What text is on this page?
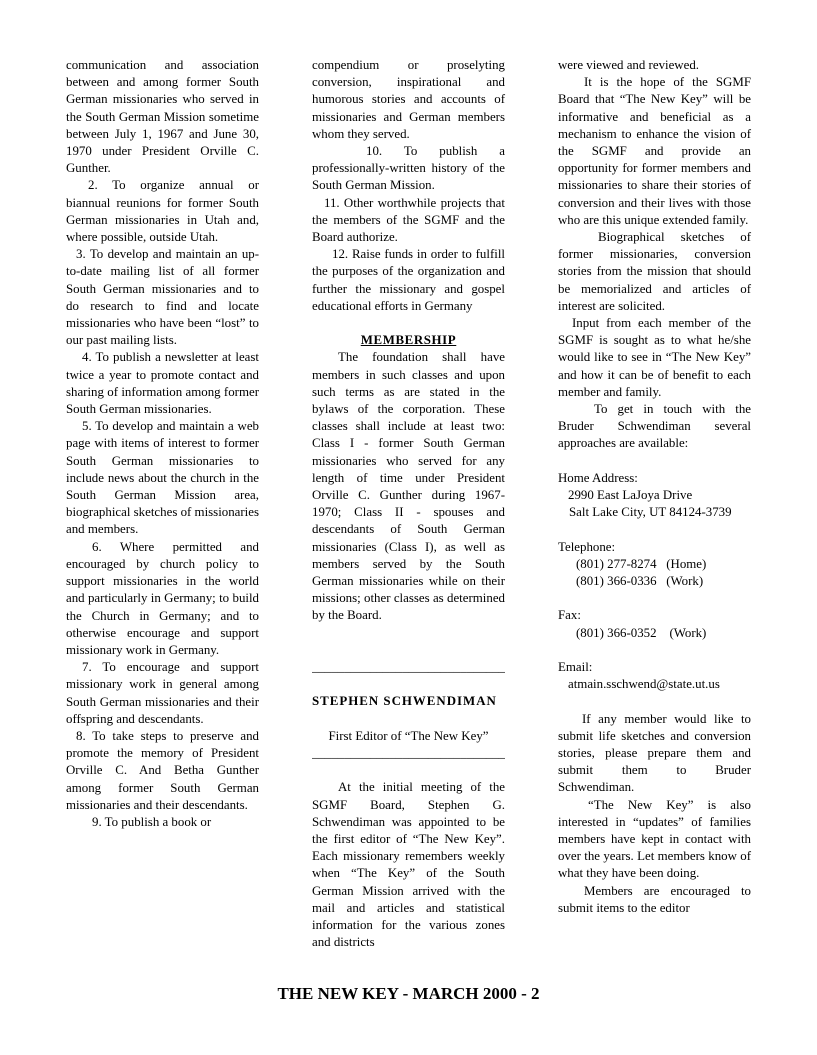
communication and association between and among former South German missionaries who served in the South German Mission sometime between July 1, 1967 and June 30, 1970 under President Orville C. Gunther.

2. To organize annual or biannual reunions for former South German missionaries in Utah and, where possible, outside Utah.

3. To develop and maintain an up-to-date mailing list of all former South German missionaries and to do research to find and locate missionaries who have been “lost” to our past mailing lists.

4. To publish a newsletter at least twice a year to promote contact and sharing of information among former South German missionaries.

5. To develop and maintain a web page with items of interest to former South German missionaries to include news about the church in the South German Mission area, biographical sketches of missionaries and members.

6. Where permitted and encouraged by church policy to support missionaries in the world and particularly in Germany; to build the Church in Germany; and to otherwise encourage and support missionary work in Germany.

7. To encourage and support missionary work in general among South German missionaries and their offspring and descendants.

8. To take steps to preserve and promote the memory of President Orville C. And Betha Gunther among former South German missionaries and their descendants.

9. To publish a book or

compendium or proselyting conversion, inspirational and humorous stories and accounts of missionaries and German members whom they served.

10. To publish a professionally-written history of the South German Mission.

11. Other worthwhile projects that the members of the SGMF and the Board authorize.

12. Raise funds in order to fulfill the purposes of the organization and further the missionary and gospel educational efforts in Germany

MEMBERSHIP

The foundation shall have members in such classes and upon such terms as are stated in the bylaws of the corporation. These classes shall include at least two: Class I - former South German missionaries who served for any length of time under President Orville C. Gunther during 1967-1970; Class II - spouses and descendants of South German missionaries (Class I), as well as members served by the South German missionaries while on their missions; other classes as determined by the Board.

______________________________

STEPHEN SCHWENDIMAN

First Editor of “The New Key”

______________________________

At the initial meeting of the SGMF Board, Stephen G. Schwendiman was appointed to be the first editor of “The New Key”. Each missionary remembers weekly when “The Key” of the South German Mission arrived with the mail and articles and statistical information for the various zones and districts

were viewed and reviewed.

It is the hope of the SGMF Board that “The New Key” will be informative and beneficial as a mechanism to enhance the vision of the SGMF and provide an opportunity for former members and missionaries to share their stories of conversion and their lives with those who are this unique extended family.

Biographical sketches of former missionaries, conversion stories from the mission that should be memorialized and articles of interest are solicited.

Input from each member of the SGMF is sought as to what he/she would like to see in “The New Key” and how it can be of benefit to each member and family.

To get in touch with the Bruder Schwendiman several approaches are available:

Home Address:

2990 East LaJoya Drive

Salt Lake City, UT 84124-3739

Telephone:

(801) 277-8274   (Home)

(801) 366-0336   (Work)

Fax:

(801) 366-0352    (Work)

Email:

atmain.sschwend@state.ut.us

If any member would like to submit life sketches and conversion stories, please prepare them and submit them to Bruder Schwendiman.

“The New Key” is also interested in “updates” of families members have kept in contact with over the years. Let members know of what they have been doing.

Members are encouraged to submit items to the editor

THE NEW KEY - MARCH 2000 - 2
